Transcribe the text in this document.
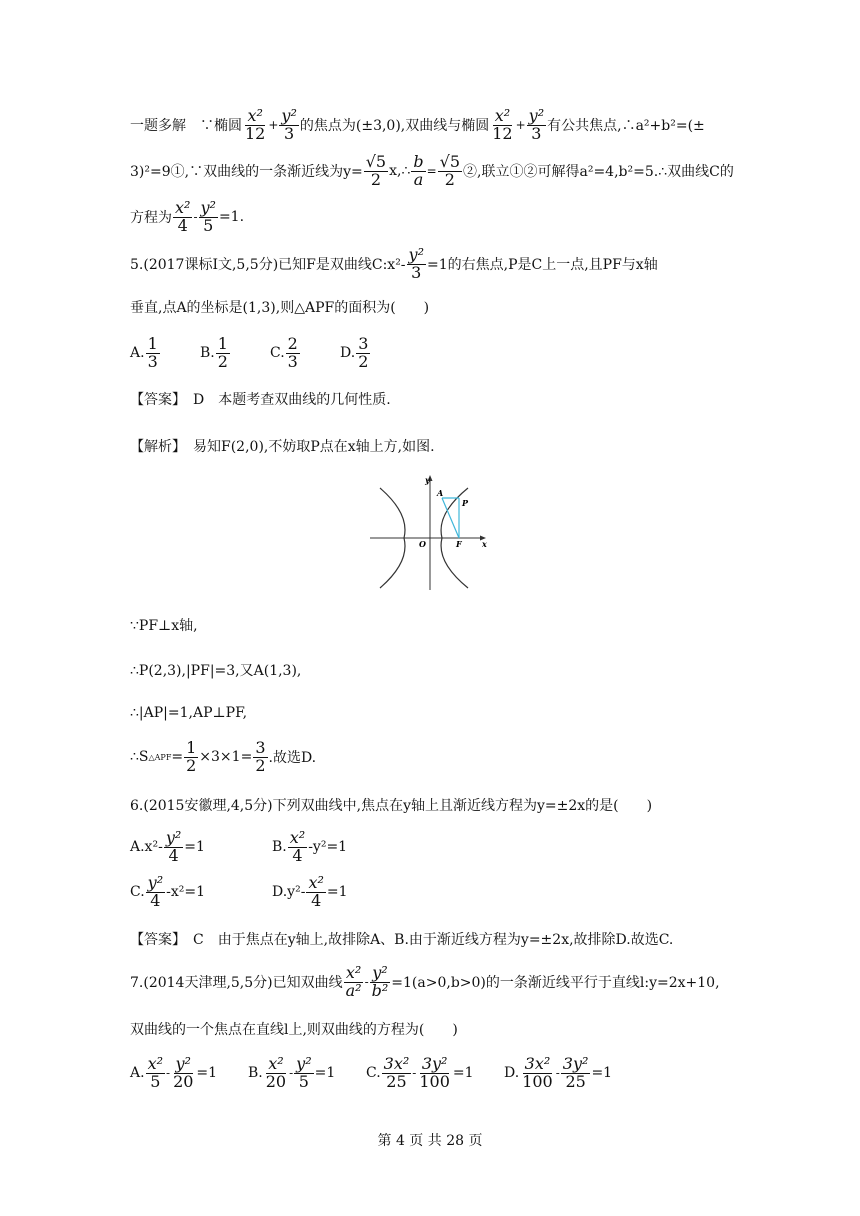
一题多解　∵椭圆 $\frac{\text{x²}}{12} + \frac{\text{y²}}{3}$ 的焦点为(±3,0),双曲线与椭圆 $\frac{\text{x²}}{12} + \frac{\text{y²}}{3}$ 有公共焦点,∴a²+b²=(±
3)²=9①,∵双曲线的一条渐近线为$y= \frac{√5}{2}$ x,∴ $\frac{b}{a} = \frac{√5}{2}$ ②,联立①②可解得a²=4,b²=5.∴双曲线C的
方程为 $\frac{\text{x²}}{4} - \frac{\text{y²}}{5} =1$.
5.(2017课标Ⅰ文,5,5分)已知F是双曲线C:x²- $\frac{\text{y²}}{3} =1$的右焦点,P是C上一点,且PF与x轴
垂直,点A的坐标是(1,3),则△APF的面积为(　　)
A. $\frac{1}{3}$	B. $\frac{1}{2}$	C. $\frac{2}{3}$	D. $\frac{3}{2}$
【答案】　D　本题考查双曲线的几何性质.
【解析】　易知F(2,0),不妨取P点在x轴上方,如图.
y
A
P
O	F	x
∵PF⊥x轴,
∴P(2,3),|PF|=3,又A(1,3),
∴|AP|=1,AP⊥PF,
∴S △APF = $\frac{1}{2} \times 3\times 1= \frac{3}{2}$ .故选D.
6.(2015安徽理,4,5分)下列双曲线中,焦点在y轴上且渐近线方程为y=±2x的是(　　)
$A.x^2- \frac{\text{y²}}{4} =1$	B. $\frac{\text{x²}}{4} -y^2=1$
C. $\frac{\text{y²}}{4} -x^2=1$	$D.y^2- \frac{\text{x²}}{4} =1$
【答案】　C　由于焦点在y轴上,故排除A、B.由于渐近线方程为y=±2x,故排除D.故选C.
7.(2014天津理,5,5分)已知双曲线 $\frac{\text{x²}}{\text{a²}} - \frac{\text{y²}}{\text{b²}} =1(a>0,b>0)$的一条渐近线平行于直线l:y=2x+10,
双曲线的一个焦点在直线l上,则双曲线的方程为(　　)
A. $\frac{\text{x²}}{5} - \frac{\text{y²}}{20} =1$ B. $\frac{\text{x²}}{20} - \frac{\text{y²}}{5} =1$ C. $\frac{\text{3x²}}{25} - \frac{\text{3y²}}{100} =1$ D. $\frac{\text{3x²}}{100} - \frac{\text{3y²}}{25} =1$
第 4 页 共 28 页
